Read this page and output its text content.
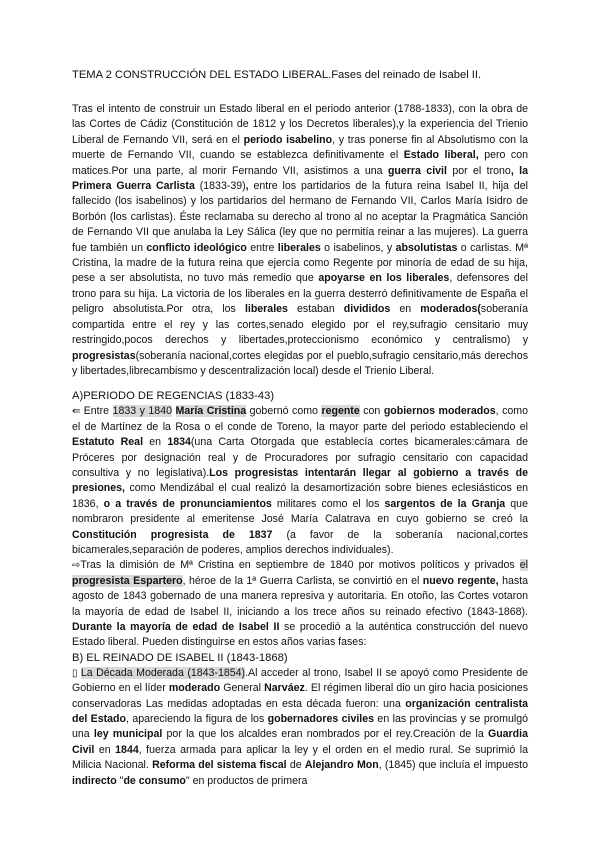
TEMA 2 CONSTRUCCIÓN DEL ESTADO LIBERAL.Fases del reinado de Isabel II.

Tras el intento de construir un Estado liberal en el periodo anterior (1788-1833), con la obra de las Cortes de Cádiz (Constitución de 1812 y los Decretos liberales),y la experiencia del Trienio Liberal de Fernando VII, será en el periodo isabelino, y tras ponerse fin al Absolutismo con la muerte de Fernando VII, cuando se establezca definitivamente el Estado liberal, pero con matices.Por una parte, al morir Fernando VII, asistimos a una guerra civil por el trono, la Primera Guerra Carlista (1833-39), entre los partidarios de la futura reina Isabel II, hija del fallecido (los isabelinos) y los partidarios del hermano de Fernando VII, Carlos María Isidro de Borbón (los carlistas). Éste reclamaba su derecho al trono al no aceptar la Pragmática Sanción de Fernando VII que anulaba la Ley Sálica (ley que no permitía reinar a las mujeres). La guerra fue también un conflicto ideológico entre liberales o isabelinos, y absolutistas o carlistas. Mª Cristina, la madre de la futura reina que ejercía como Regente por minoría de edad de su hija, pese a ser absolutista, no tuvo más remedio que apoyarse en los liberales, defensores del trono para su hija. La victoria de los liberales en la guerra desterró definitivamente de España el peligro absolutista.Por otra, los liberales estaban divididos en moderados(soberanía compartida entre el rey y las cortes,senado elegido por el rey,sufragio censitario muy restringido,pocos derechos y libertades,proteccionismo económico y centralismo) y progresistas(soberanía nacional,cortes elegidas por el pueblo,sufragio censitario,más derechos y libertades,librecambismo y descentralización local) desde el Trienio Liberal.

A)PERIODO DE REGENCIAS (1833-43)

⇚ Entre 1833 y 1840 María Cristina gobernó como regente con gobiernos moderados, como el de Martínez de la Rosa o el conde de Toreno, la mayor parte del periodo estableciendo el Estatuto Real en 1834(una Carta Otorgada que establecía cortes bicamerales:cámara de Próceres por designación real y de Procuradores por sufragio censitario con capacidad consultiva y no legislativa).Los progresistas intentarán llegar al gobierno a través de presiones, como Mendizábal el cual realizó la desamortización sobre bienes eclesiásticos en 1836, o a través de pronunciamientos militares como el los sargentos de la Granja que nombraron presidente al emeritense José María Calatrava en cuyo gobierno se creó la Constitución progresista de 1837 (a favor de la soberanía nacional,cortes bicamerales,separación de poderes, amplios derechos individuales).

⇨Tras la dimisión de Mª Cristina en septiembre de 1840 por motivos políticos y privados el progresista Espartero, héroe de la 1ª Guerra Carlista, se convirtió en el nuevo regente, hasta agosto de 1843 gobernado de una manera represiva y autoritaria. En otoño, las Cortes votaron la mayoría de edad de Isabel II, iniciando a los trece años su reinado efectivo (1843-1868). Durante la mayoría de edad de Isabel II se procedió a la auténtica construcción del nuevo Estado liberal. Pueden distinguirse en estos años varias fases:

B) EL REINADO DE ISABEL II (1843-1868)

▯ La Década Moderada (1843-1854).Al acceder al trono, Isabel II se apoyó como Presidente de Gobierno en el líder moderado General Narváez. El régimen liberal dio un giro hacia posiciones conservadoras Las medidas adoptadas en esta década fueron: una organización centralista del Estado, apareciendo la figura de los gobernadores civiles en las provincias y se promulgó una ley municipal por la que los alcaldes eran nombrados por el rey.Creación de la Guardia Civil en 1844, fuerza armada para aplicar la ley y el orden en el medio rural. Se suprimió la Milicia Nacional. Reforma del sistema fiscal de Alejandro Mon, (1845) que incluía el impuesto indirecto "de consumo" en productos de primera
